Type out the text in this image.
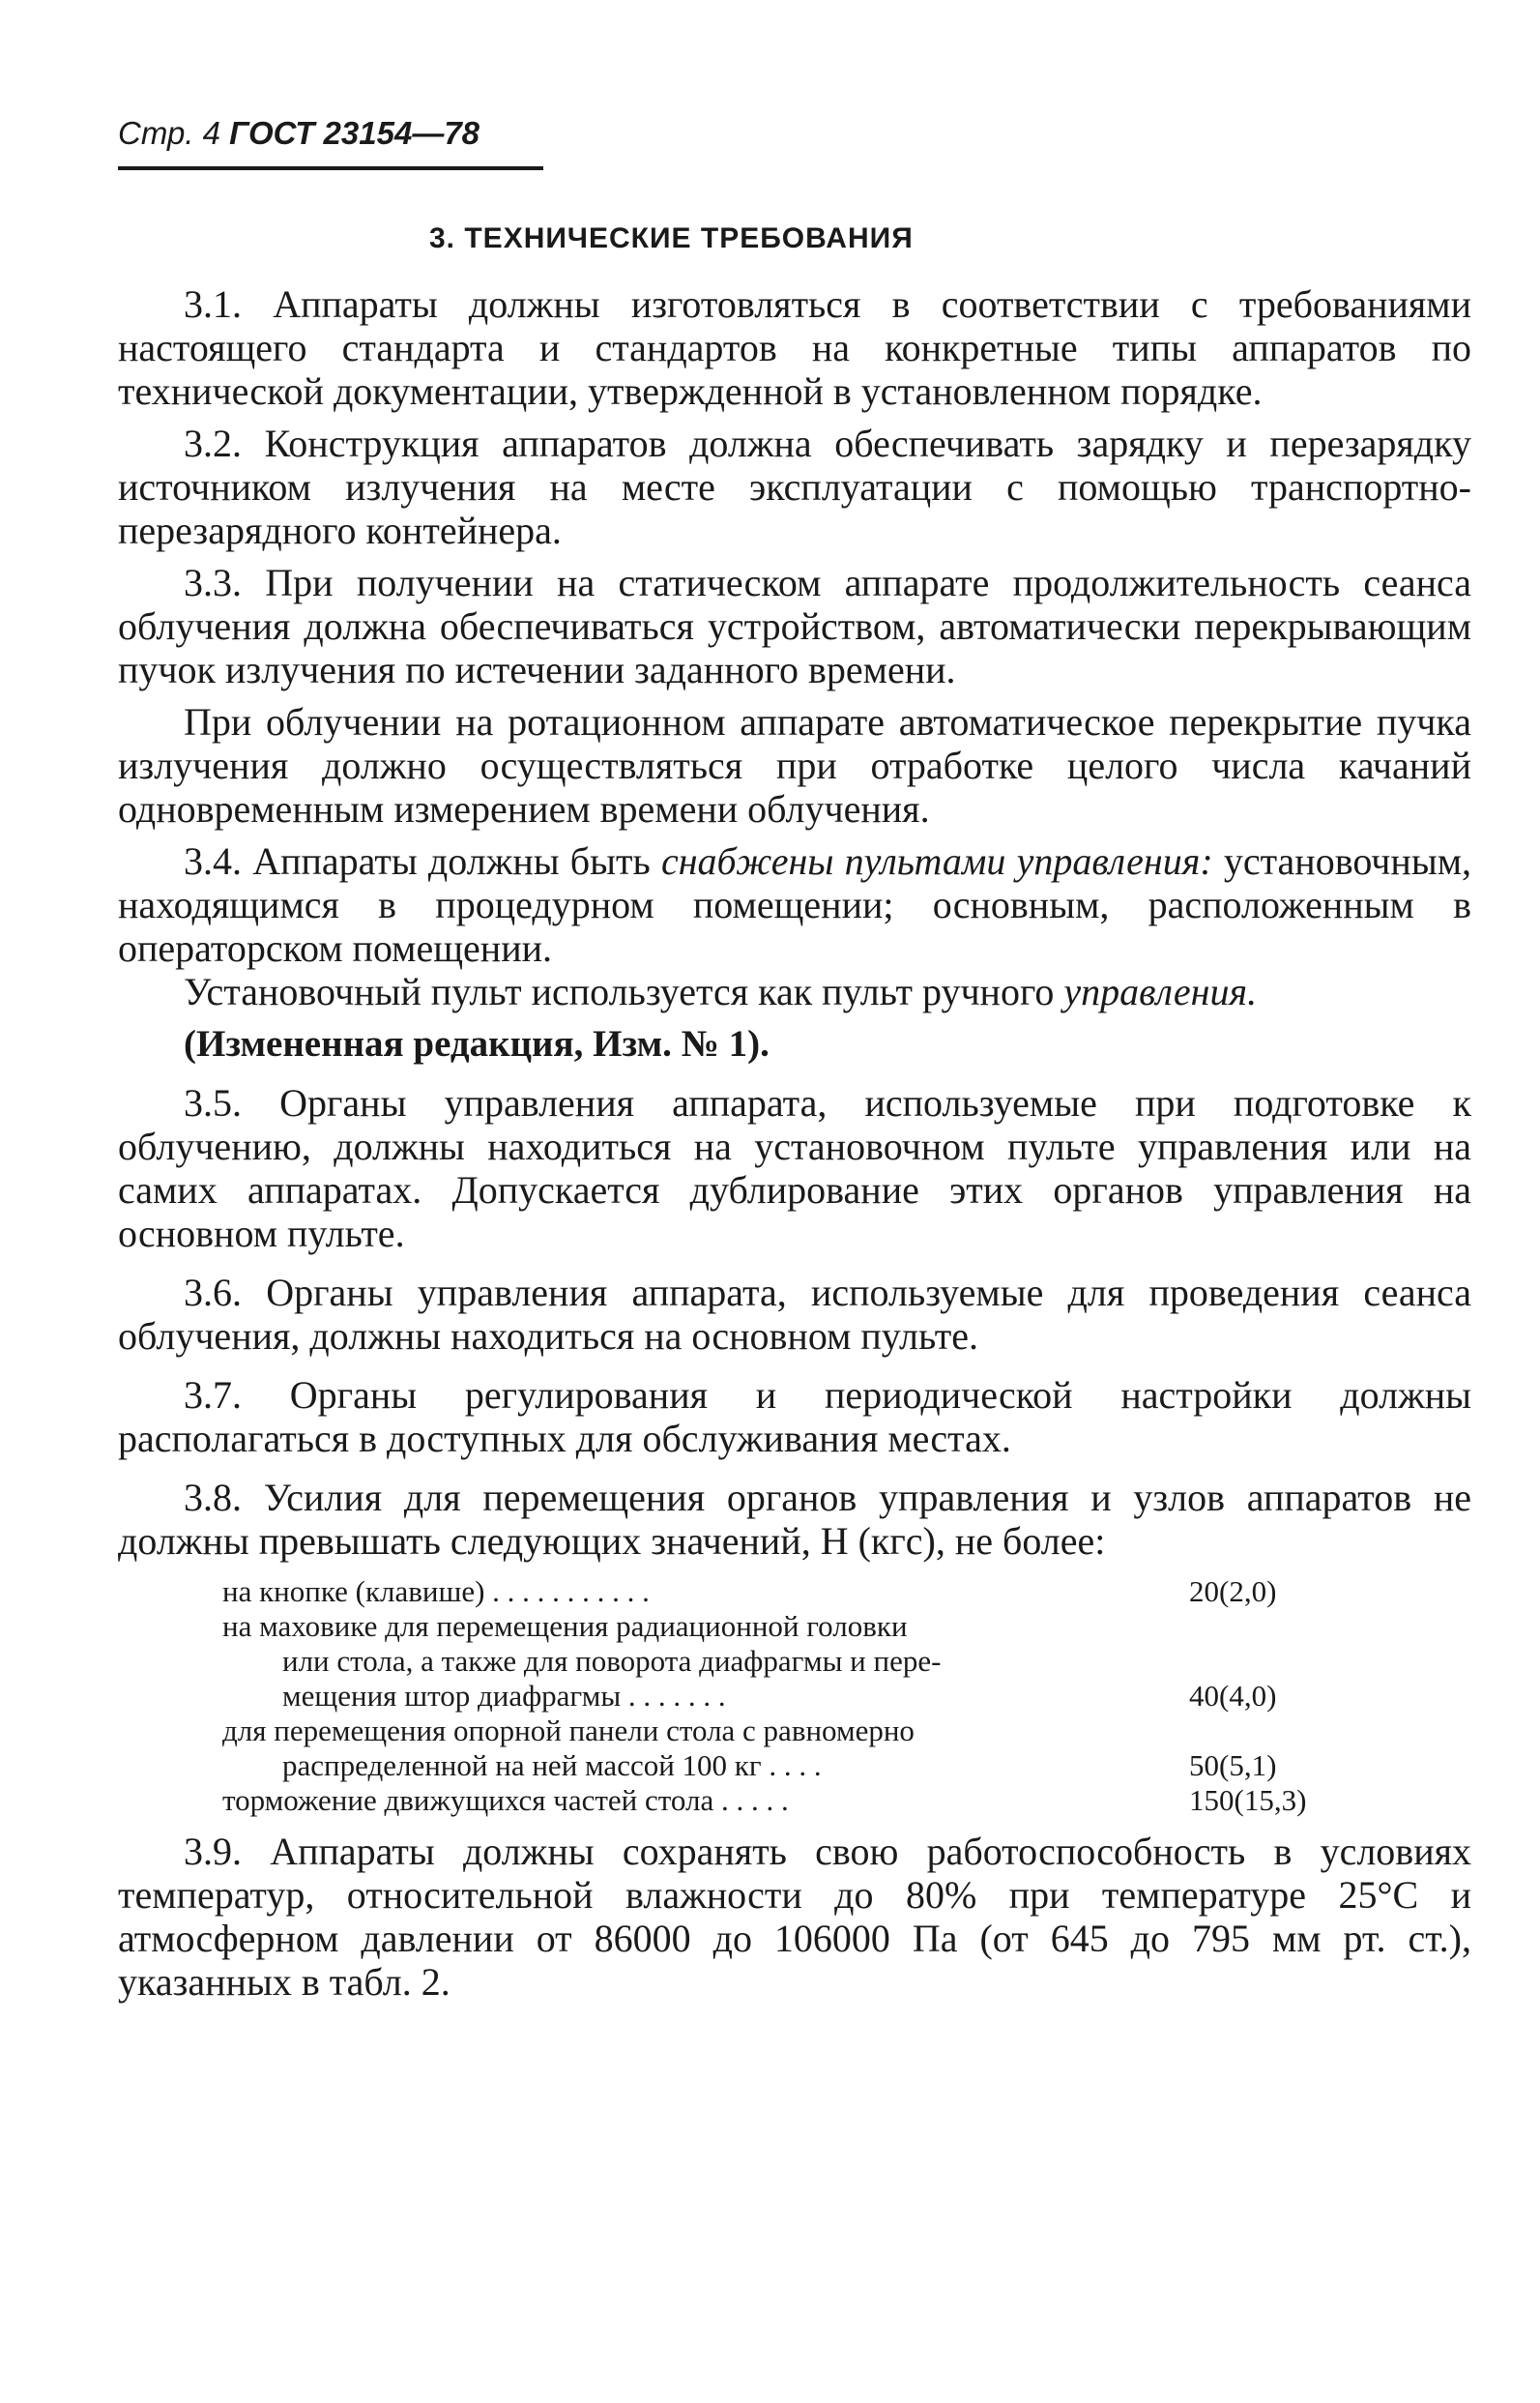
Стр. 4 ГОСТ 23154—78
3. ТЕХНИЧЕСКИЕ ТРЕБОВАНИЯ

3.1. Аппараты должны изготовляться в соответствии с требованиями настоящего стандарта и стандартов на конкретные типы аппаратов по технической документации, утвержденной в установленном порядке.

3.2. Конструкция аппаратов должна обеспечивать зарядку и перезарядку источником излучения на месте эксплуатации с помощью транспортно-перезарядного контейнера.

3.3. При получении на статическом аппарате продолжительность сеанса облучения должна обеспечиваться устройством, автоматически перекрывающим пучок излучения по истечении заданного времени.

При облучении на ротационном аппарате автоматическое перекрытие пучка излучения должно осуществляться при отработке целого числа качаний одновременным измерением времени облучения.

3.4. Аппараты должны быть снабжены пультами управления: установочным, находящимся в процедурном помещении; основным, расположенным в операторском помещении.

Установочный пульт используется как пульт ручного управления.

(Измененная редакция, Изм. № 1).

3.5. Органы управления аппарата, используемые при подготовке к облучению, должны находиться на установочном пульте управления или на самих аппаратах. Допускается дублирование этих органов управления на основном пульте.

3.6. Органы управления аппарата, используемые для проведения сеанса облучения, должны находиться на основном пульте.

3.7. Органы регулирования и периодической настройки должны располагаться в доступных для обслуживания местах.

3.8. Усилия для перемещения органов управления и узлов аппаратов не должны превышать следующих значений, Н (кгс), не более:

на кнопке (клавише) . . . . . . . . . . .	20(2,0)
на маховике для перемещения радиационной головки
или стола, а также для поворота диафрагмы и пере-
мещения штор диафрагмы . . . . . . .	40(4,0)
для перемещения опорной панели стола с равномерно
распределенной на ней массой 100 кг . . . .	50(5,1)
торможение движущихся частей стола . . . . .	150(15,3)

3.9. Аппараты должны сохранять свою работоспособность в условиях температур, относительной влажности до 80% при температуре 25°С и атмосферном давлении от 86000 до 106000 Па (от 645 до 795 мм рт. ст.), указанных в табл. 2.
